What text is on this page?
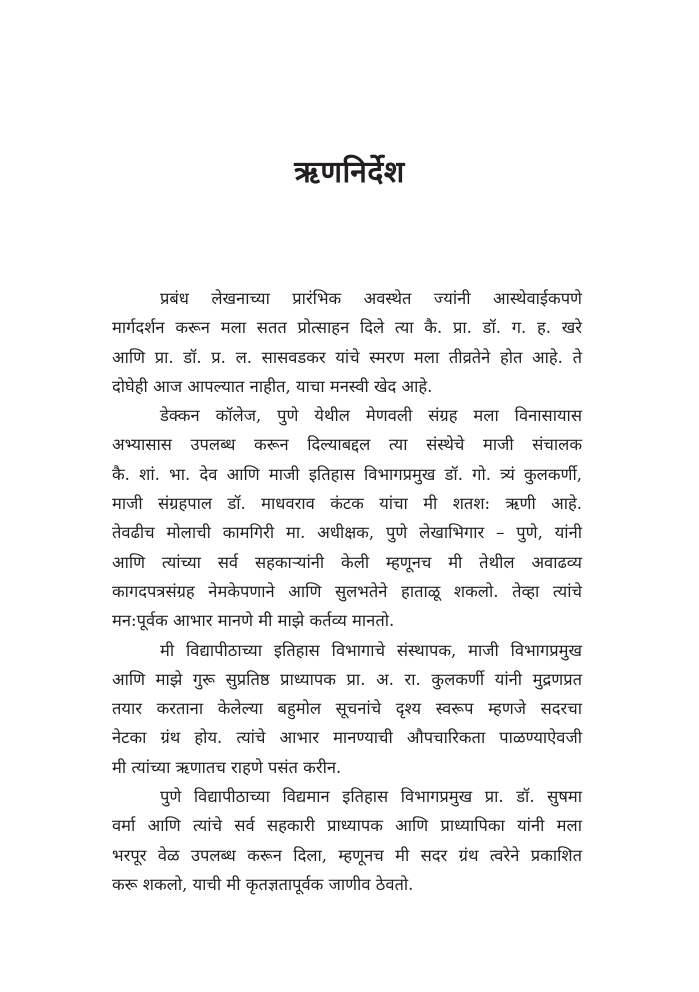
ऋणनिर्देश

प्रबंध लेखनाच्या प्रारंभिक अवस्थेत ज्यांनी आस्थेवाईकपणे
मार्गदर्शन करून मला सतत प्रोत्साहन दिले त्या कै. प्रा. डॉ. ग. ह. खरे
आणि प्रा. डॉ. प्र. ल. सासवडकर यांचे स्मरण मला तीव्रतेने होत आहे. ते
दोघेही आज आपल्यात नाहीत, याचा मनस्वी खेद आहे.

डेक्कन कॉलेज, पुणे येथील मेणवली संग्रह मला विनासायास
अभ्यासास उपलब्ध करून दिल्याबद्दल त्या संस्थेचे माजी संचालक
कै. शां. भा. देव आणि माजी इतिहास विभागप्रमुख डॉ. गो. त्र्यं कुलकर्णी,
माजी संग्रहपाल डॉ. माधवराव कंटक यांचा मी शतश: ऋणी आहे.
तेवढीच मोलाची कामगिरी मा. अधीक्षक, पुणे लेखाभिगार – पुणे, यांनी
आणि त्यांच्या सर्व सहकाऱ्यांनी केली म्हणूनच मी तेथील अवाढव्य
कागदपत्रसंग्रह नेमकेपणाने आणि सुलभतेने हाताळू शकलो. तेव्हा त्यांचे
मन:पूर्वक आभार मानणे मी माझे कर्तव्य मानतो.

मी विद्यापीठाच्या इतिहास विभागाचे संस्थापक, माजी विभागप्रमुख
आणि माझे गुरू सुप्रतिष्ठ प्राध्यापक प्रा. अ. रा. कुलकर्णी यांनी मुद्रणप्रत
तयार करताना केलेल्या बहुमोल सूचनांचे दृश्य स्वरूप म्हणजे सदरचा
नेटका ग्रंथ होय. त्यांचे आभार मानण्याची औपचारिकता पाळण्याऐवजी
मी त्यांच्या ऋणातच राहणे पसंत करीन.

पुणे विद्यापीठाच्या विद्यमान इतिहास विभागप्रमुख प्रा. डॉ. सुषमा
वर्मा आणि त्यांचे सर्व सहकारी प्राध्यापक आणि प्राध्यापिका यांनी मला
भरपूर वेळ उपलब्ध करून दिला, म्हणूनच मी सदर ग्रंथ त्वरेने प्रकाशित
करू शकलो, याची मी कृतज्ञतापूर्वक जाणीव ठेवतो.
